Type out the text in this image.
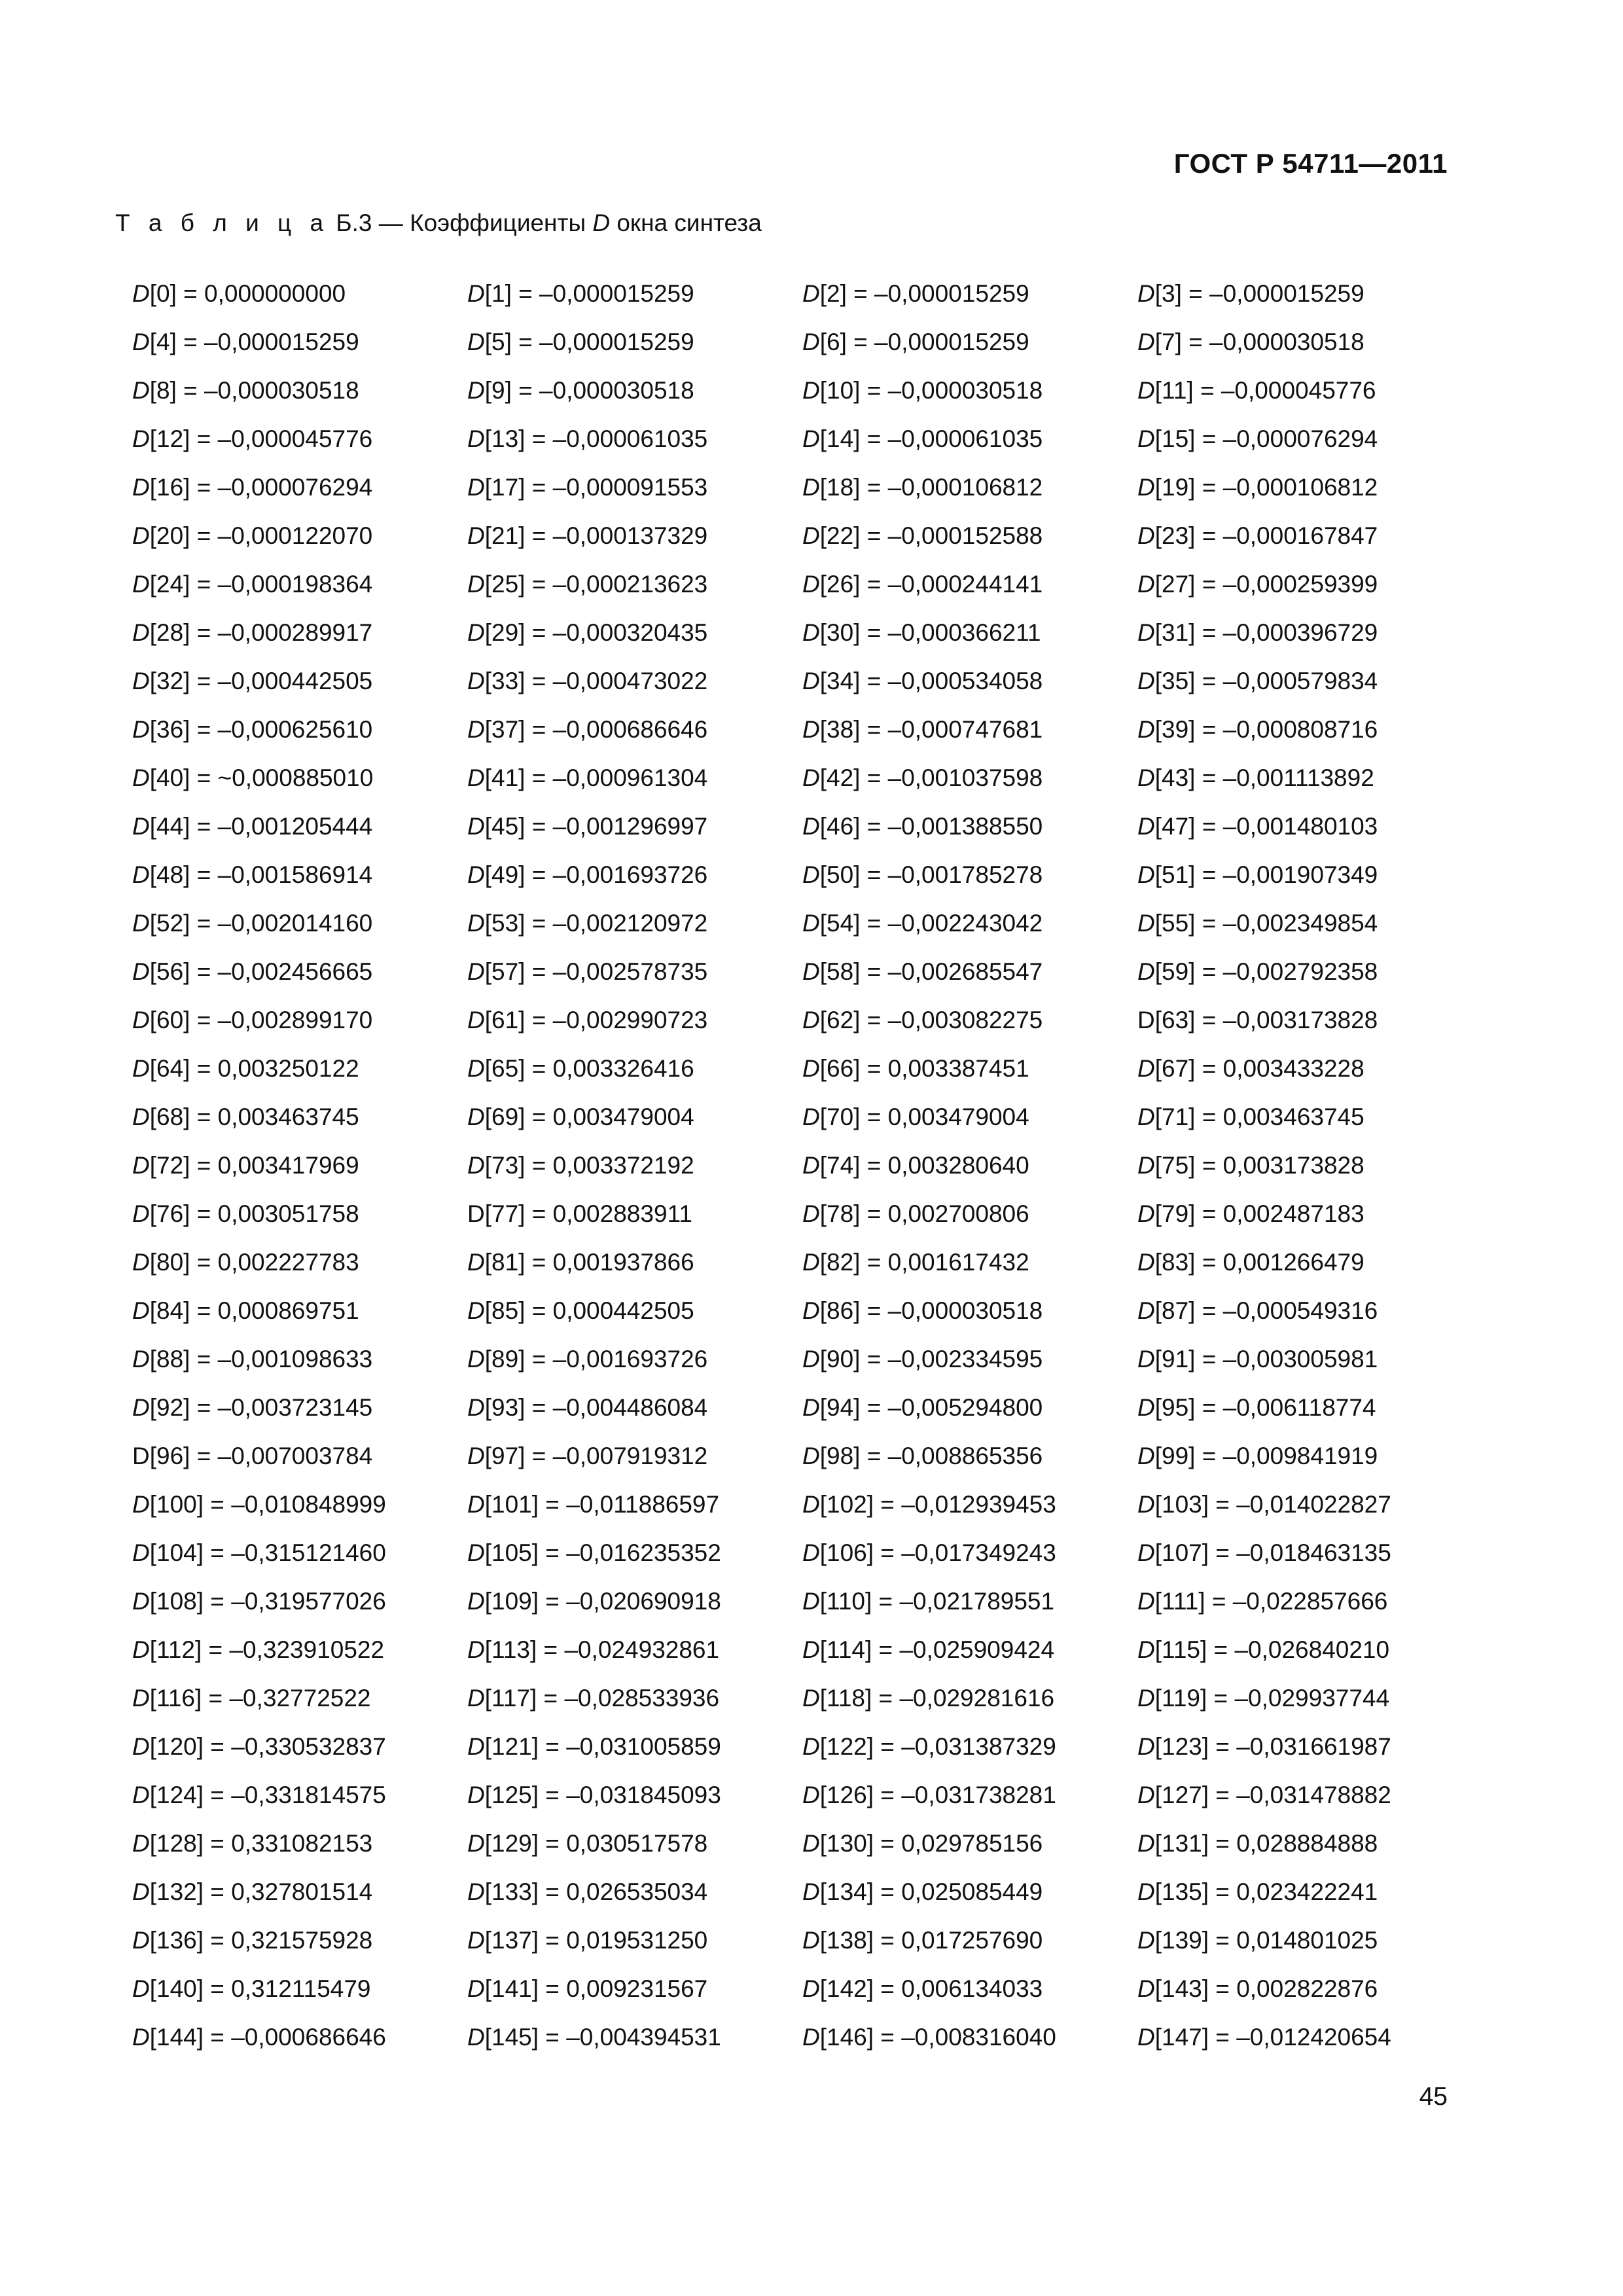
ГОСТ Р 54711—2011
Т а б л и ц а Б.3 — Коэффициенты D окна синтеза
D[0] = 0,000000000	D[1] = –0,000015259	D[2] = –0,000015259	D[3] = –0,000015259
D[4] = –0,000015259	D[5] = –0,000015259	D[6] = –0,000015259	D[7] = –0,000030518
D[8] = –0,000030518	D[9] = –0,000030518	D[10] = –0,000030518	D[11] = –0,000045776
D[12] = –0,000045776	D[13] = –0,000061035	D[14] = –0,000061035	D[15] = –0,000076294
D[16] = –0,000076294	D[17] = –0,000091553	D[18] = –0,000106812	D[19] = –0,000106812
D[20] = –0,000122070	D[21] = –0,000137329	D[22] = –0,000152588	D[23] = –0,000167847
D[24] = –0,000198364	D[25] = –0,000213623	D[26] = –0,000244141	D[27] = –0,000259399
D[28] = –0,000289917	D[29] = –0,000320435	D[30] = –0,000366211	D[31] = –0,000396729
D[32] = –0,000442505	D[33] = –0,000473022	D[34] = –0,000534058	D[35] = –0,000579834
D[36] = –0,000625610	D[37] = –0,000686646	D[38] = –0,000747681	D[39] = –0,000808716
D[40] = ~0,000885010	D[41] = –0,000961304	D[42] = –0,001037598	D[43] = –0,001113892
D[44] = –0,001205444	D[45] = –0,001296997	D[46] = –0,001388550	D[47] = –0,001480103
D[48] = –0,001586914	D[49] = –0,001693726	D[50] = –0,001785278	D[51] = –0,001907349
D[52] = –0,002014160	D[53] = –0,002120972	D[54] = –0,002243042	D[55] = –0,002349854
D[56] = –0,002456665	D[57] = –0,002578735	D[58] = –0,002685547	D[59] = –0,002792358
D[60] = –0,002899170	D[61] = –0,002990723	D[62] = –0,003082275	D[63] = –0,003173828
D[64] = 0,003250122	D[65] = 0,003326416	D[66] = 0,003387451	D[67] = 0,003433228
D[68] = 0,003463745	D[69] = 0,003479004	D[70] = 0,003479004	D[71] = 0,003463745
D[72] = 0,003417969	D[73] = 0,003372192	D[74] = 0,003280640	D[75] = 0,003173828
D[76] = 0,003051758	D[77] = 0,002883911	D[78] = 0,002700806	D[79] = 0,002487183
D[80] = 0,002227783	D[81] = 0,001937866	D[82] = 0,001617432	D[83] = 0,001266479
D[84] = 0,000869751	D[85] = 0,000442505	D[86] = –0,000030518	D[87] = –0,000549316
D[88] = –0,001098633	D[89] = –0,001693726	D[90] = –0,002334595	D[91] = –0,003005981
D[92] = –0,003723145	D[93] = –0,004486084	D[94] = –0,005294800	D[95] = –0,006118774
D[96] = –0,007003784	D[97] = –0,007919312	D[98] = –0,008865356	D[99] = –0,009841919
D[100] = –0,010848999	D[101] = –0,011886597	D[102] = –0,012939453	D[103] = –0,014022827
D[104] = –0,315121460	D[105] = –0,016235352	D[106] = –0,017349243	D[107] = –0,018463135
D[108] = –0,319577026	D[109] = –0,020690918	D[110] = –0,021789551	D[111] = –0,022857666
D[112] = –0,323910522	D[113] = –0,024932861	D[114] = –0,025909424	D[115] = –0,026840210
D[116] = –0,32772522	D[117] = –0,028533936	D[118] = –0,029281616	D[119] = –0,029937744
D[120] = –0,330532837	D[121] = –0,031005859	D[122] = –0,031387329	D[123] = –0,031661987
D[124] = –0,331814575	D[125] = –0,031845093	D[126] = –0,031738281	D[127] = –0,031478882
D[128] = 0,331082153	D[129] = 0,030517578	D[130] = 0,029785156	D[131] = 0,028884888
D[132] = 0,327801514	D[133] = 0,026535034	D[134] = 0,025085449	D[135] = 0,023422241
D[136] = 0,321575928	D[137] = 0,019531250	D[138] = 0,017257690	D[139] = 0,014801025
D[140] = 0,312115479	D[141] = 0,009231567	D[142] = 0,006134033	D[143] = 0,002822876
D[144] = –0,000686646	D[145] = –0,004394531	D[146] = –0,008316040	D[147] = –0,012420654
45
